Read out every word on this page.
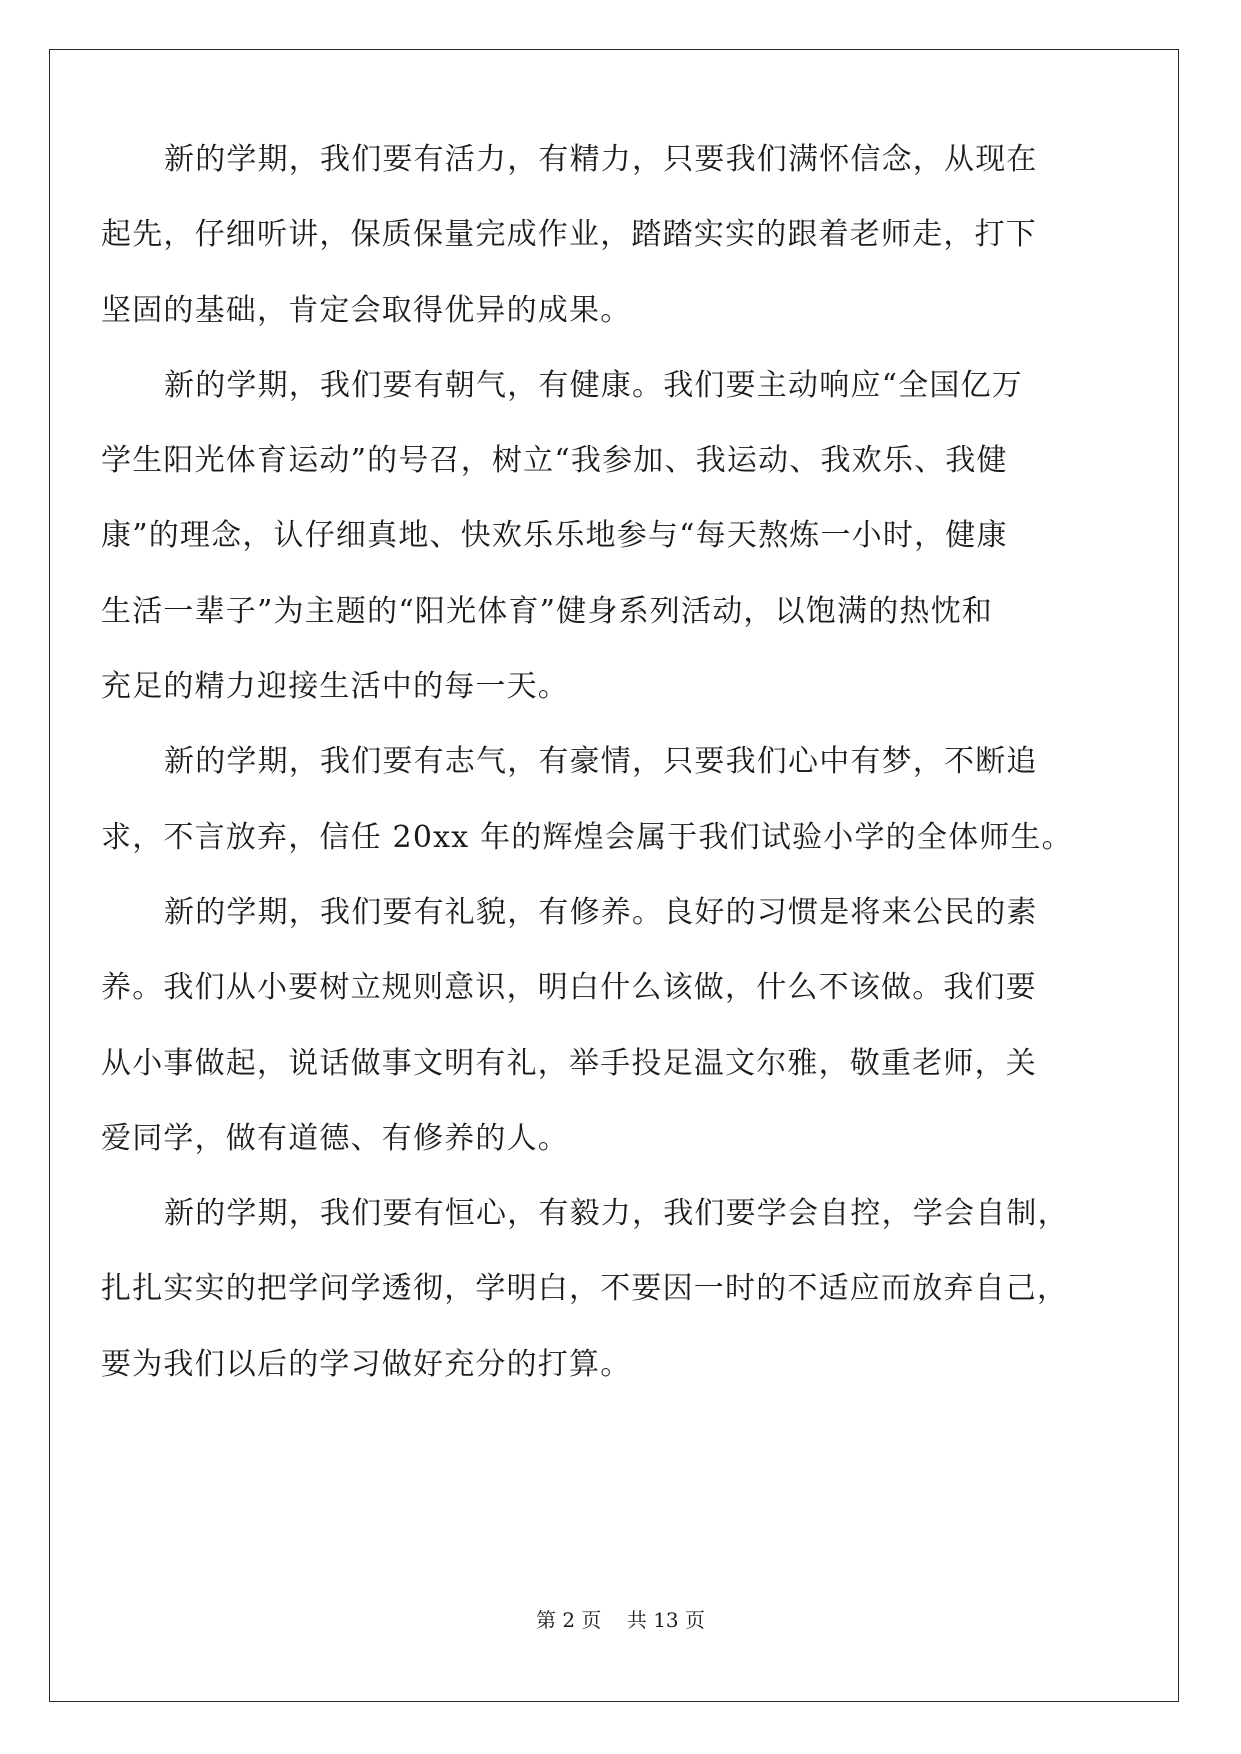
新的学期，我们要有活力，有精力，只要我们满怀信念，从现在
起先，仔细听讲，保质保量完成作业，踏踏实实的跟着老师走，打下
坚固的基础，肯定会取得优异的成果。
新的学期，我们要有朝气，有健康。我们要主动响应“全国亿万
学生阳光体育运动”的号召，树立“我参加、我运动、我欢乐、我健
康”的理念，认仔细真地、快欢乐乐地参与“每天熬炼一小时，健康
生活一辈子”为主题的“阳光体育”健身系列活动，以饱满的热忱和
充足的精力迎接生活中的每一天。
新的学期，我们要有志气，有豪情，只要我们心中有梦，不断追
求，不言放弃，信任 20xx 年的辉煌会属于我们试验小学的全体师生。
新的学期，我们要有礼貌，有修养。良好的习惯是将来公民的素
养。我们从小要树立规则意识，明白什么该做，什么不该做。我们要
从小事做起，说话做事文明有礼，举手投足温文尔雅，敬重老师，关
爱同学，做有道德、有修养的人。
新的学期，我们要有恒心，有毅力，我们要学会自控，学会自制，
扎扎实实的把学问学透彻，学明白，不要因一时的不适应而放弃自己，
要为我们以后的学习做好充分的打算。
第 2 页    共 13 页
